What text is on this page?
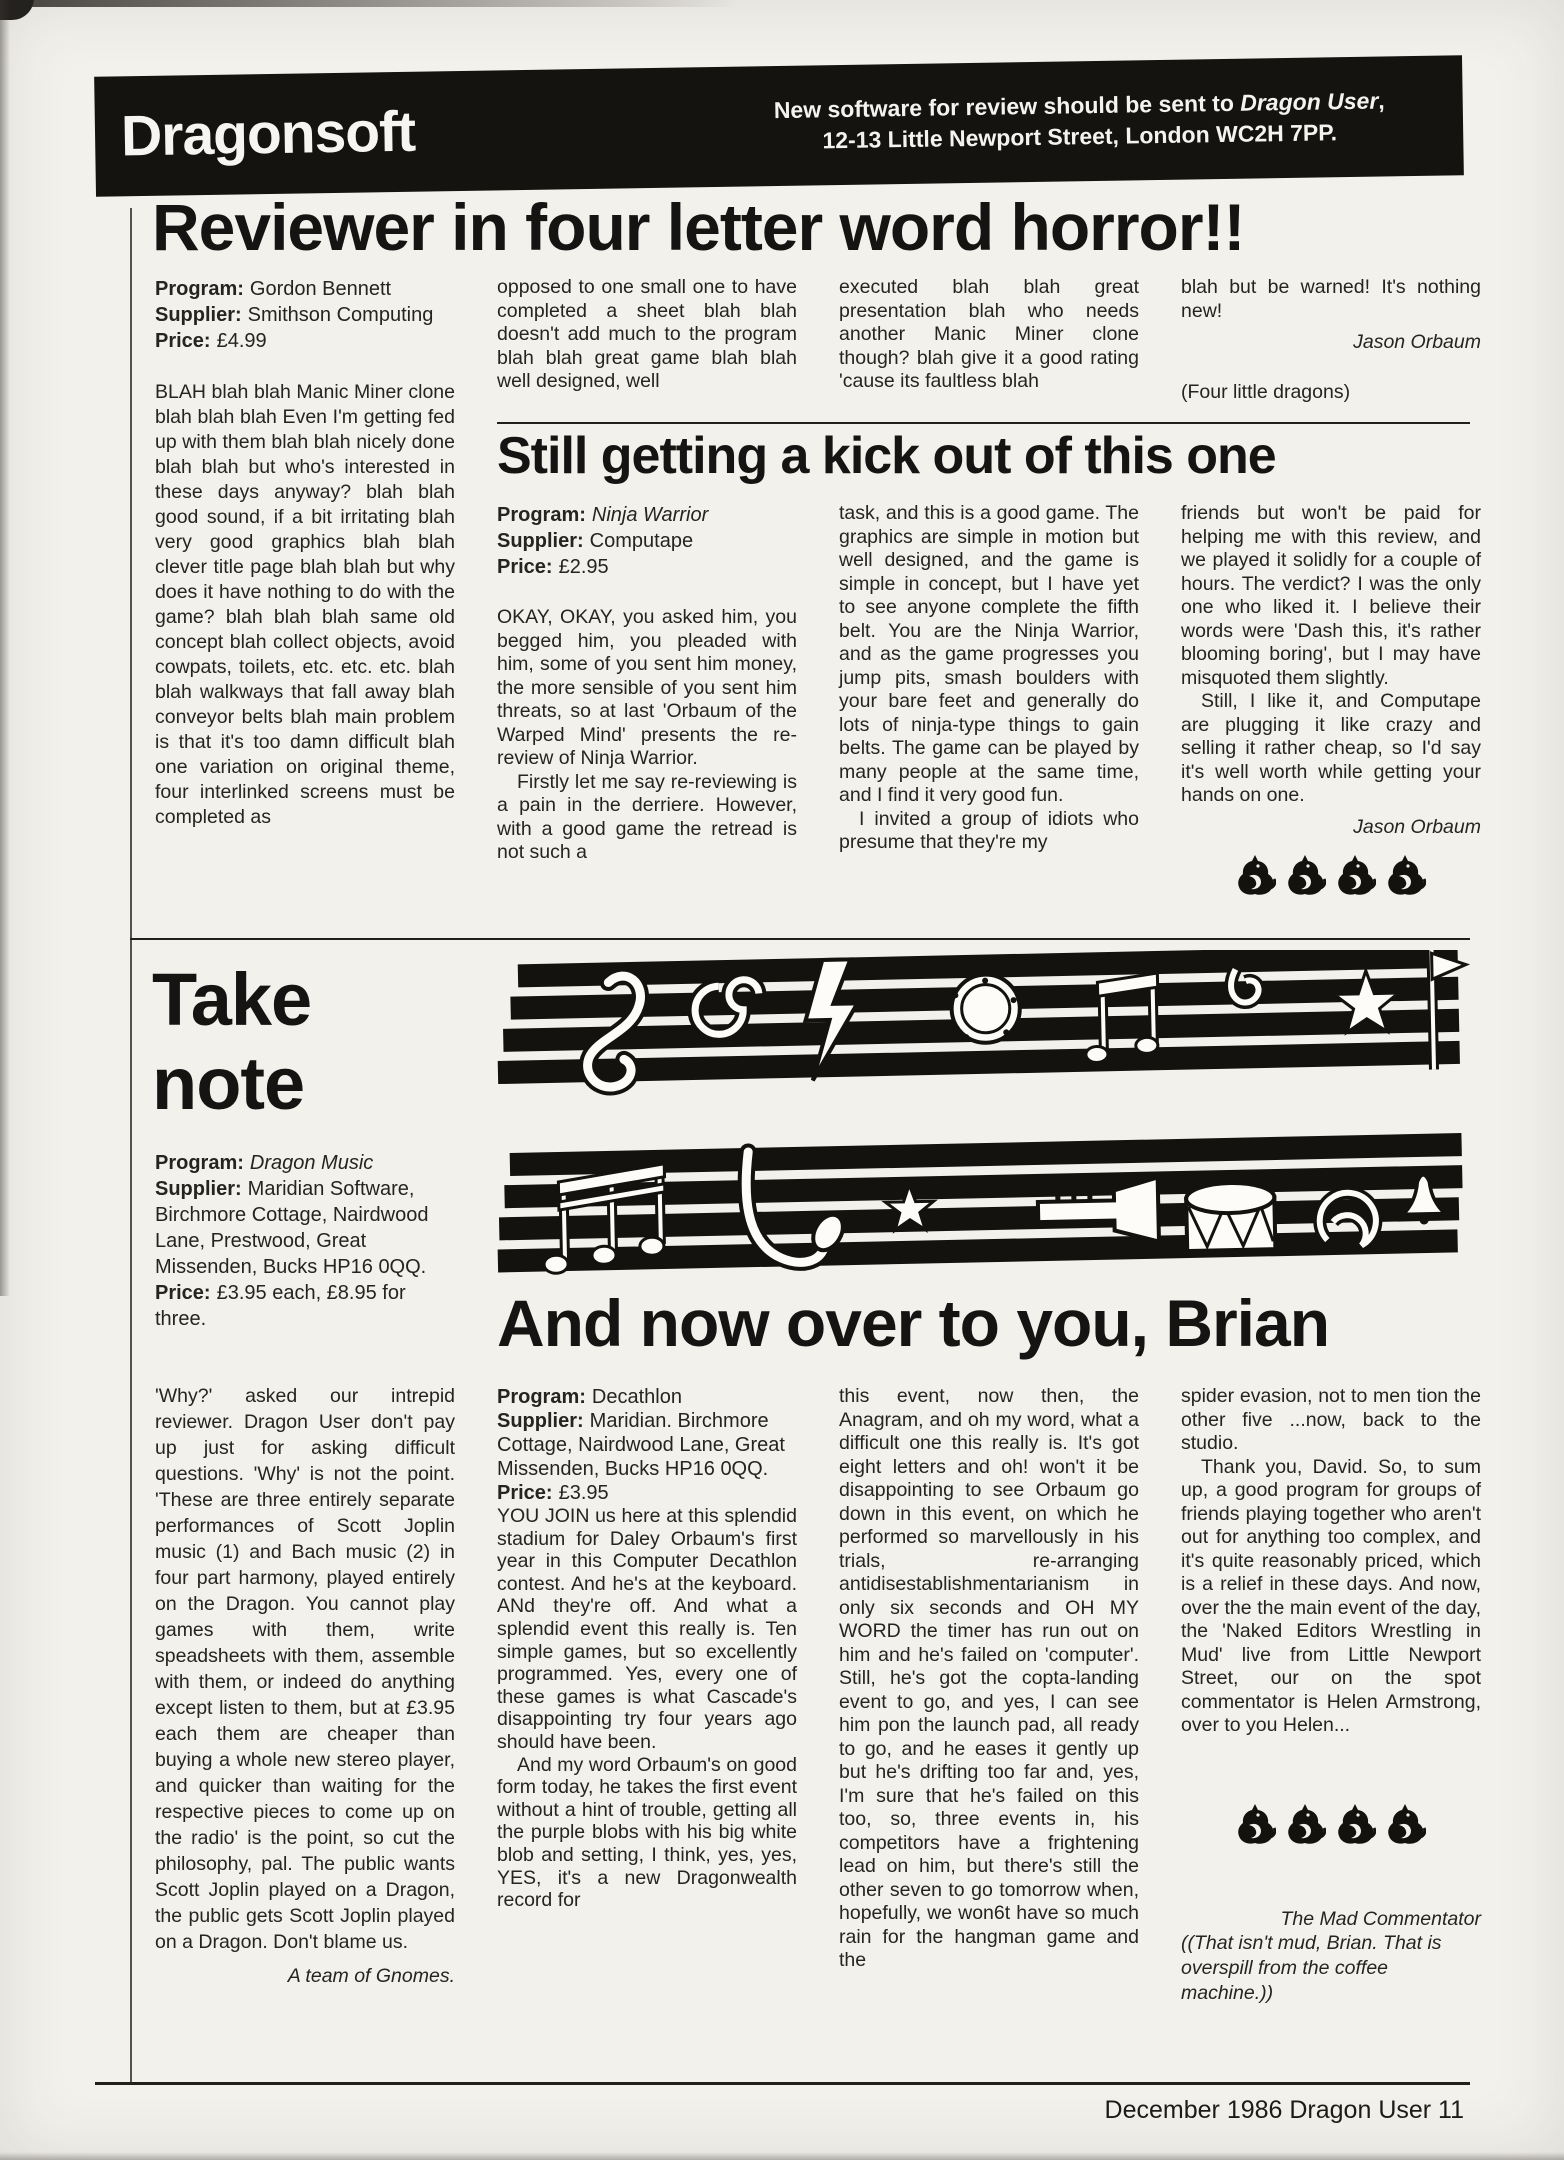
Dragonsoft	New software for review should be sent to Dragon User,
12-13 Little Newport Street, London WC2H 7PP.
Reviewer in four letter word horror!!
Program: Gordon Bennett
Supplier: Smithson Computing
Price: £4.99

BLAH blah blah Manic Miner clone blah blah blah Even I'm getting fed up with them blah blah nicely done blah blah but who's interested in these days anyway? blah blah good sound, if a bit irritating blah very good graphics blah blah clever title page blah blah but why does it have nothing to do with the game? blah blah blah same old concept blah collect objects, avoid cowpats, toilets, etc. etc. etc. blah blah walkways that fall away blah conveyor belts blah main problem is that it's too damn difficult blah one variation on original theme, four interlinked screens must be completed as

opposed to one small one to have completed a sheet blah blah doesn't add much to the program blah blah great game blah blah well designed, well

executed blah blah great presentation blah who needs another Manic Miner clone though? blah give it a good rating 'cause its faultless blah

blah but be warned! It's nothing new!

Jason Orbaum
(Four little dragons)
Still getting a kick out of this one
Program: Ninja Warrior
Supplier: Computape
Price: £2.95

OKAY, OKAY, you asked him, you begged him, you pleaded with him, some of you sent him money, the more sensible of you sent him threats, so at last 'Orbaum of the Warped Mind' presents the re-review of Ninja Warrior.

Firstly let me say re-reviewing is a pain in the derriere. However, with a good game the retread is not such a

task, and this is a good game. The graphics are simple in motion but well designed, and the game is simple in concept, but I have yet to see anyone complete the fifth belt. You are the Ninja Warrior, and as the game progresses you jump pits, smash boulders with your bare feet and generally do lots of ninja-type things to gain belts. The game can be played by many people at the same time, and I find it very good fun.

I invited a group of idiots who presume that they're my

friends but won't be paid for helping me with this review, and we played it solidly for a couple of hours. The verdict? I was the only one who liked it. I believe their words were 'Dash this, it's rather blooming boring', but I may have misquoted them slightly.

Still, I like it, and Computape are plugging it like crazy and selling it rather cheap, so I'd say it's well worth while getting your hands on one.

Jason Orbaum
Take
note
Program: Dragon Music
Supplier: Maridian Software, Birchmore Cottage, Nairdwood Lane, Prestwood, Great Missenden, Bucks HP16 0QQ.
Price: £3.95 each, £8.95 for three.

'Why?' asked our intrepid reviewer. Dragon User don't pay up just for asking difficult questions. 'Why' is not the point. 'These are three entirely separate performances of Scott Joplin music (1) and Bach music (2) in four part harmony, played entirely on the Dragon. You cannot play games with them, write speadsheets with them, assemble with them, or indeed do anything except listen to them, but at £3.95 each them are cheaper than buying a whole new stereo player, and quicker than waiting for the respective pieces to come up on the radio' is the point, so cut the philosophy, pal. The public wants Scott Joplin played on a Dragon, the public gets Scott Joplin played on a Dragon. Don't blame us.

A team of Gnomes.
And now over to you, Brian
Program: Decathlon
Supplier: Maridian. Birchmore Cottage, Nairdwood Lane, Great Missenden, Bucks HP16 0QQ.
Price: £3.95

YOU JOIN us here at this splendid stadium for Daley Orbaum's first year in this Computer Decathlon contest. And he's at the keyboard. ANd they're off. And what a splendid event this really is. Ten simple games, but so excellently programmed. Yes, every one of these games is what Cascade's disappointing try four years ago should have been.

And my word Orbaum's on good form today, he takes the first event without a hint of trouble, getting all the purple blobs with his big white blob and setting, I think, yes, yes, YES, it's a new Dragonwealth record for

this event, now then, the Anagram, and oh my word, what a difficult one this really is. It's got eight letters and oh! won't it be disappointing to see Orbaum go down in this event, on which he performed so marvellously in his trials, re-arranging antidisestablishmentarianism in only six seconds and OH MY WORD the timer has run out on him and he's failed on 'computer'. Still, he's got the copta-landing event to go, and yes, I can see him pon the launch pad, all ready to go, and he eases it gently up but he's drifting too far and, yes, I'm sure that he's failed on this too, so, three events in, his competitors have a frightening lead on him, but there's still the other seven to go tomorrow when, hopefully, we won6t have so much rain for the hangman game and the

spider evasion, not to men tion the other five ...now, back to the studio.

Thank you, David. So, to sum up, a good program for groups of friends playing together who aren't out for anything too complex, and it's quite reasonably priced, which is a relief in these days. And now, over the the main event of the day, the 'Naked Editors Wrestling in Mud' live from Little Newport Street, our on the spot commentator is Helen Armstrong, over to you Helen...

The Mad Commentator

((That isn't mud, Brian. That is overspill from the coffee machine.))

December 1986 Dragon User 11
